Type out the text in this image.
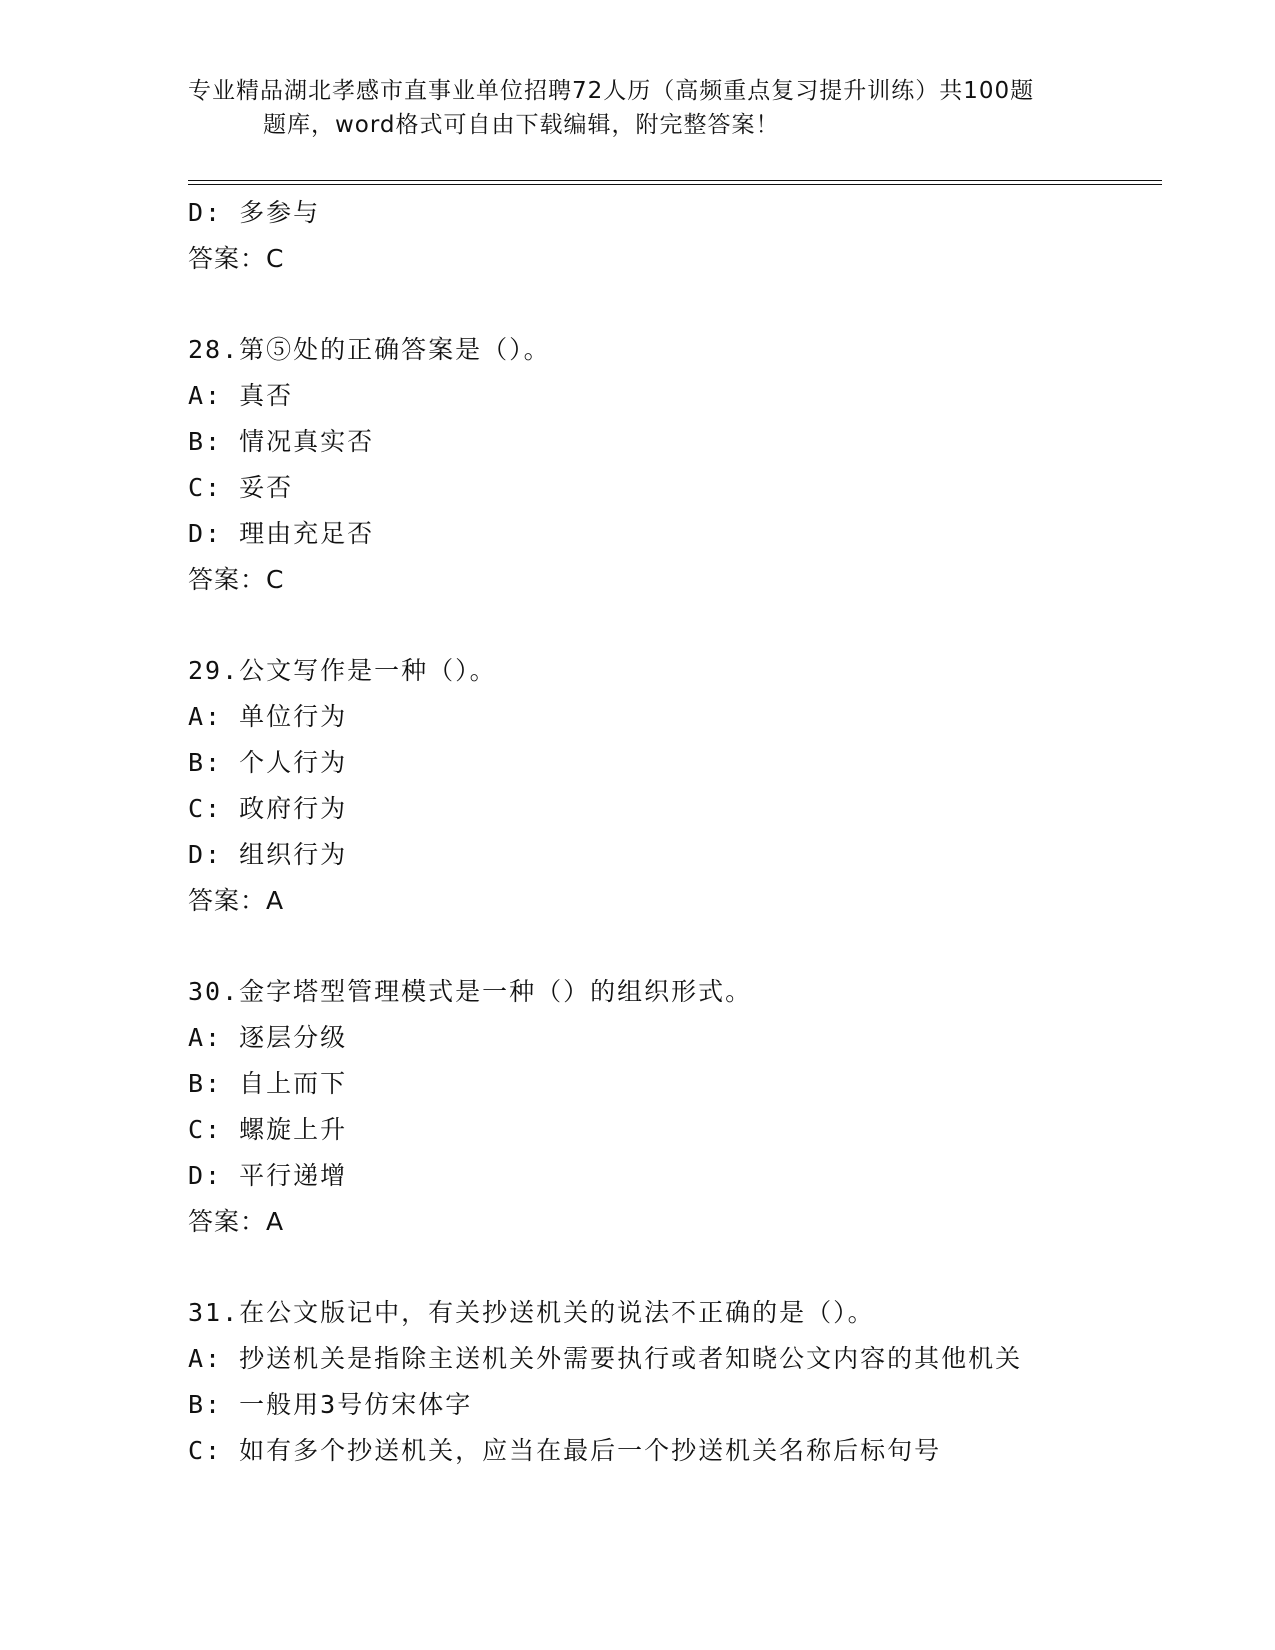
专业精品湖北孝感市直事业单位招聘72人历（高频重点复习提升训练）共100题
题库，word格式可自由下载编辑，附完整答案！
D: 多参与
答案：C
28.第⑤处的正确答案是（）。
A: 真否
B: 情况真实否
C: 妥否
D: 理由充足否
答案：C
29.公文写作是一种（）。
A: 单位行为
B: 个人行为
C: 政府行为
D: 组织行为
答案：A
30.金字塔型管理模式是一种（）的组织形式。
A: 逐层分级
B: 自上而下
C: 螺旋上升
D: 平行递增
答案：A
31.在公文版记中，有关抄送机关的说法不正确的是（）。
A: 抄送机关是指除主送机关外需要执行或者知晓公文内容的其他机关
B: 一般用3号仿宋体字
C: 如有多个抄送机关，应当在最后一个抄送机关名称后标句号
